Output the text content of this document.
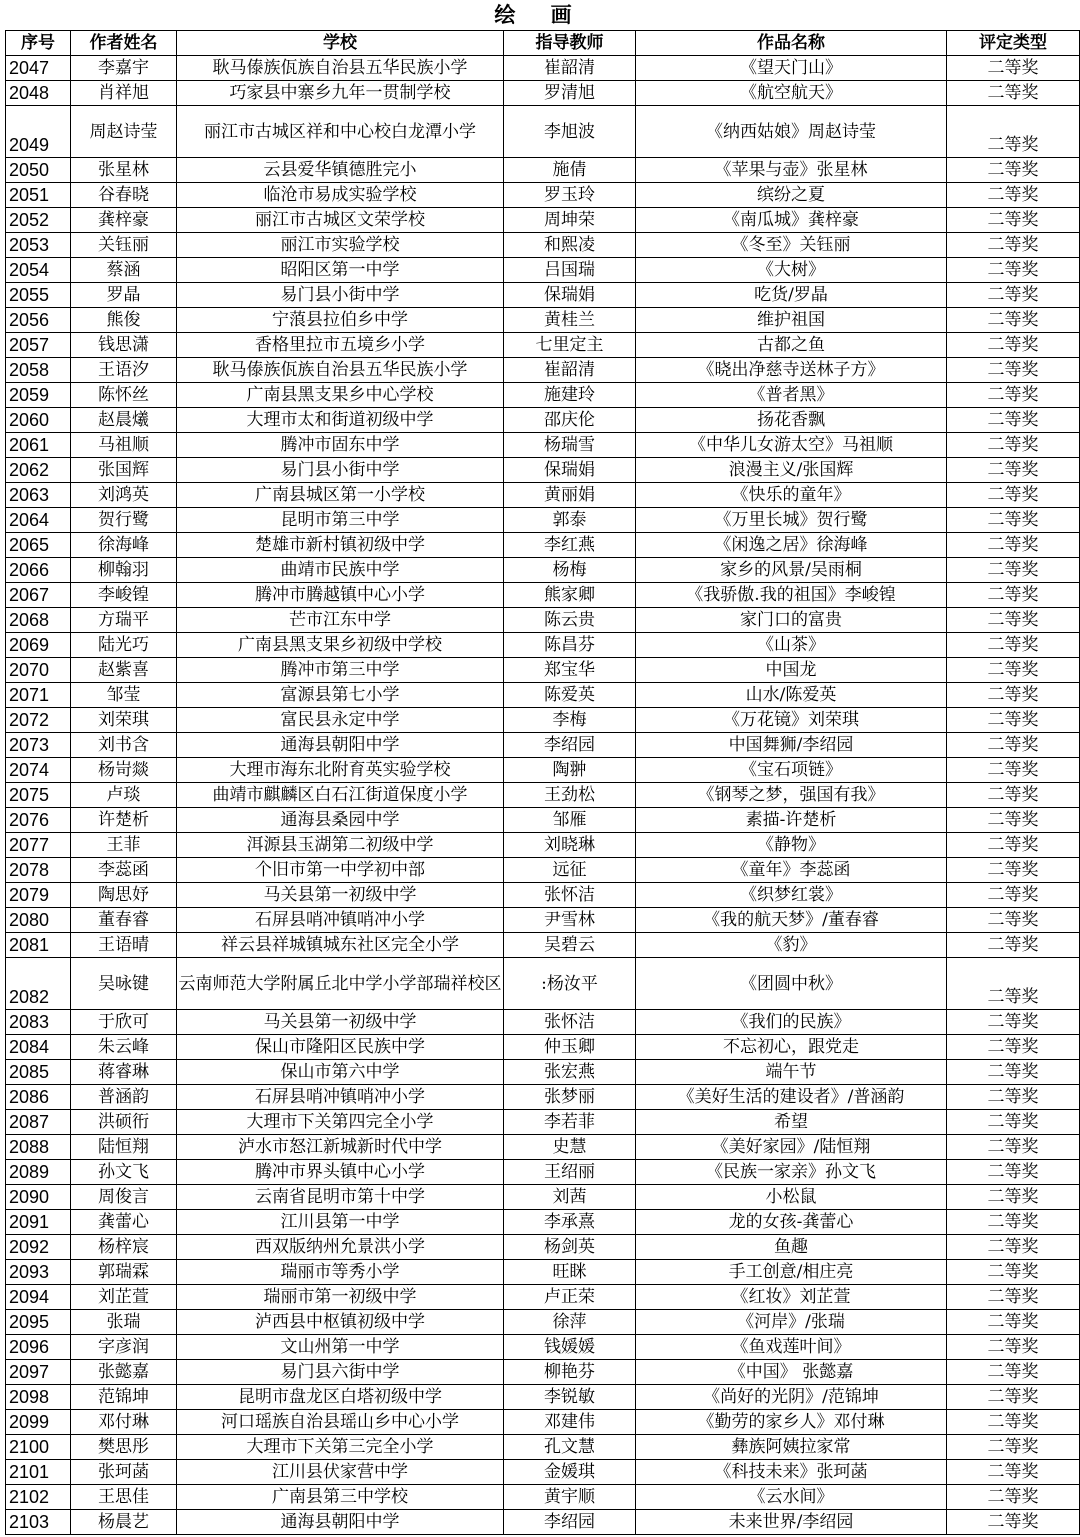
绘 画
序号	作者姓名	学校	指导教师	作品名称	评定类型
2047	李嘉宇	耿马傣族佤族自治县五华民族小学	崔韶清	《望天门山》	二等奖
2048	肖祥旭	巧家县中寨乡九年一贯制学校	罗清旭	《航空航天》	二等奖
2049	周赵诗莹	丽江市古城区祥和中心校白龙潭小学	李旭波	《纳西姑娘》周赵诗莹	二等奖
2050	张星林	云县爱华镇德胜完小	施倩	《苹果与壶》张星林	二等奖
2051	谷春晓	临沧市易成实验学校	罗玉玲	缤纷之夏	二等奖
2052	龚梓豪	丽江市古城区文荣学校	周坤荣	《南瓜城》龚梓豪	二等奖
2053	关钰丽	丽江市实验学校	和熙凌	《冬至》关钰丽	二等奖
2054	蔡涵	昭阳区第一中学	吕国瑞	《大树》	二等奖
2055	罗晶	易门县小街中学	保瑞娟	吃货/罗晶	二等奖
2056	熊俊	宁蒗县拉伯乡中学	黄桂兰	维护祖国	二等奖
2057	钱思潇	香格里拉市五境乡小学	七里定主	古都之鱼	二等奖
2058	王语汐	耿马傣族佤族自治县五华民族小学	崔韶清	《晓出净慈寺送林子方》	二等奖
2059	陈怀丝	广南县黑支果乡中心学校	施建玲	《普者黑》	二等奖
2060	赵晨爔	大理市太和街道初级中学	邵庆伦	扬花香飘	二等奖
2061	马祖顺	腾冲市固东中学	杨瑞雪	《中华儿女游太空》马祖顺	二等奖
2062	张国辉	易门县小街中学	保瑞娟	浪漫主义/张国辉	二等奖
2063	刘鸿英	广南县城区第一小学校	黄丽娟	《快乐的童年》	二等奖
2064	贺行鹭	昆明市第三中学	郭泰	《万里长城》贺行鹭	二等奖
2065	徐海峰	楚雄市新村镇初级中学	李红燕	《闲逸之居》徐海峰	二等奖
2066	柳翰羽	曲靖市民族中学	杨梅	家乡的风景/吴雨桐	二等奖
2067	李峻锽	腾冲市腾越镇中心小学	熊家卿	《我骄傲.我的祖国》李峻锽	二等奖
2068	方瑞平	芒市江东中学	陈云贵	家门口的富贵	二等奖
2069	陆光巧	广南县黑支果乡初级中学校	陈昌芬	《山茶》	二等奖
2070	赵紫喜	腾冲市第三中学	郑宝华	中国龙	二等奖
2071	邹莹	富源县第七小学	陈爱英	山水/陈爱英	二等奖
2072	刘荣琪	富民县永定中学	李梅	《万花镜》刘荣琪	二等奖
2073	刘书含	通海县朝阳中学	李绍园	中国舞狮/李绍园	二等奖
2074	杨岢燚	大理市海东北附育英实验学校	陶翀	《宝石项链》	二等奖
2075	卢琰	曲靖市麒麟区白石江街道保度小学	王劲松	《钢琴之梦，强国有我》	二等奖
2076	许楚析	通海县桑园中学	邹雁	素描-许楚析	二等奖
2077	王菲	洱源县玉湖第二初级中学	刘晓琳	《静物》	二等奖
2078	李蕊函	个旧市第一中学初中部	远征	《童年》李蕊函	二等奖
2079	陶思妤	马关县第一初级中学	张怀洁	《织梦红裳》	二等奖
2080	董春睿	石屏县哨冲镇哨冲小学	尹雪林	《我的航天梦》/董春睿	二等奖
2081	王语晴	祥云县祥城镇城东社区完全小学	吴碧云	《豹》	二等奖
2082	吴咏键	云南师范大学附属丘北中学小学部瑞祥校区	:杨汝平	《团圆中秋》	二等奖
2083	于欣可	马关县第一初级中学	张怀洁	《我们的民族》	二等奖
2084	朱云峰	保山市隆阳区民族中学	仲玉卿	不忘初心，跟党走	二等奖
2085	蒋睿琳	保山市第六中学	张宏燕	端午节	二等奖
2086	普涵韵	石屏县哨冲镇哨冲小学	张梦丽	《美好生活的建设者》/普涵韵	二等奖
2087	洪硕衎	大理市下关第四完全小学	李若菲	希望	二等奖
2088	陆恒翔	泸水市怒江新城新时代中学	史慧	《美好家园》/陆恒翔	二等奖
2089	孙文飞	腾冲市界头镇中心小学	王绍丽	《民族一家亲》孙文飞	二等奖
2090	周俊言	云南省昆明市第十中学	刘茜	小松鼠	二等奖
2091	龚蕾心	江川县第一中学	李承熹	龙的女孩-龚蕾心	二等奖
2092	杨梓宸	西双版纳州允景洪小学	杨剑英	鱼趣	二等奖
2093	郭瑞霖	瑞丽市等秀小学	旺眯	手工创意/相庄亮	二等奖
2094	刘芷萱	瑞丽市第一初级中学	卢正荣	《红妆》刘芷萱	二等奖
2095	张瑞	泸西县中枢镇初级中学	徐萍	《河岸》/张瑞	二等奖
2096	字彦润	文山州第一中学	钱媛媛	《鱼戏莲叶间》	二等奖
2097	张懿嘉	易门县六街中学	柳艳芬	《中国》 张懿嘉	二等奖
2098	范锦坤	昆明市盘龙区白塔初级中学	李锐敏	《尚好的光阴》/范锦坤	二等奖
2099	邓付琳	河口瑶族自治县瑶山乡中心小学	邓建伟	《勤劳的家乡人》邓付琳	二等奖
2100	樊思彤	大理市下关第三完全小学	孔文慧	彝族阿姨拉家常	二等奖
2101	张珂菡	江川县伏家营中学	金媛琪	《科技未来》张珂菡	二等奖
2102	王思佳	广南县第三中学校	黄宇顺	《云水间》	二等奖
2103	杨晨艺	通海县朝阳中学	李绍园	未来世界/李绍园	二等奖
